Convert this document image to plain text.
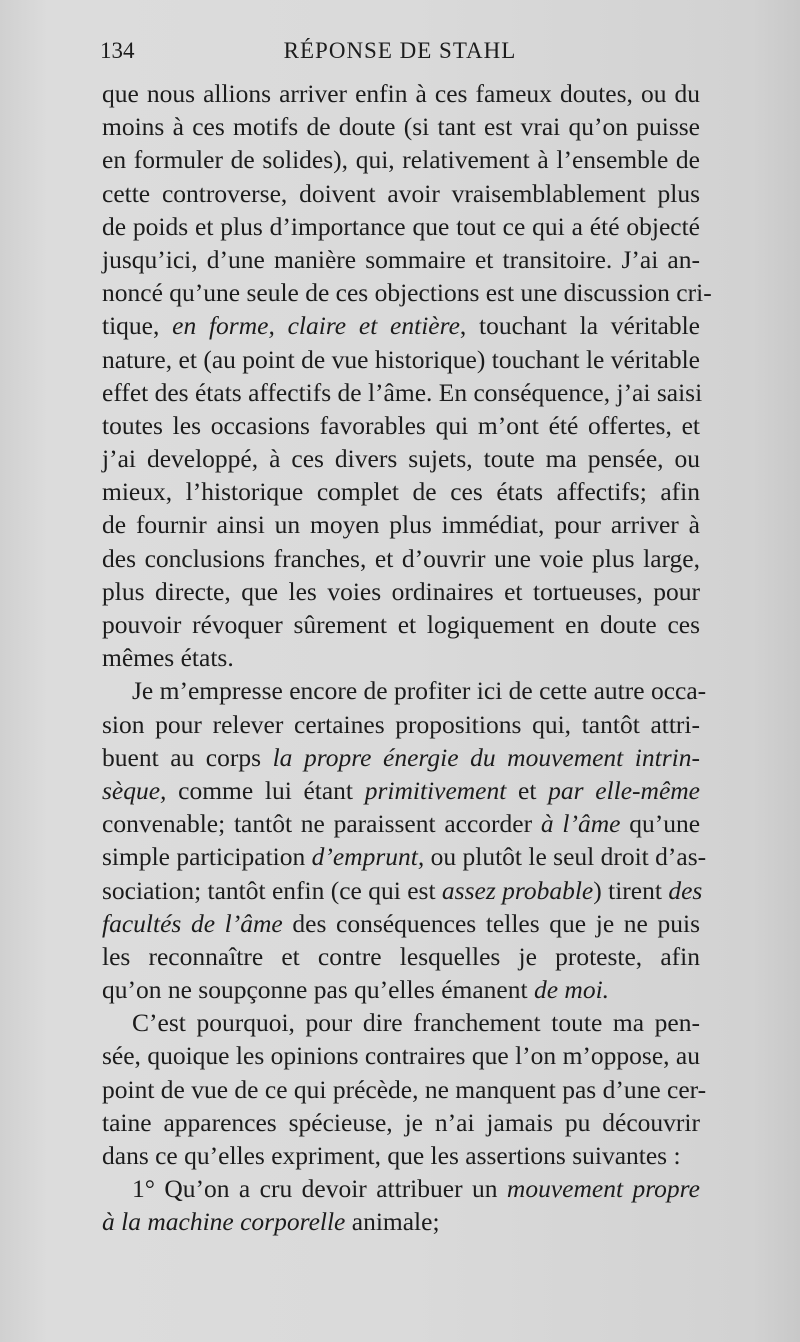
134	RÉPONSE DE STAHL
que nous allions arriver enfin à ces fameux doutes, ou du
moins à ces motifs de doute (si tant est vrai qu’on puisse
en formuler de solides), qui, relativement à l’ensemble de
cette controverse, doivent avoir vraisemblablement plus
de poids et plus d’importance que tout ce qui a été objecté
jusqu’ici, d’une manière sommaire et transitoire. J’ai an-
noncé qu’une seule de ces objections est une discussion cri-
tique, en forme, claire et entière, touchant la véritable
nature, et (au point de vue historique) touchant le véritable
effet des états affectifs de l’âme. En conséquence, j’ai saisi
toutes les occasions favorables qui m’ont été offertes, et
j’ai developpé, à ces divers sujets, toute ma pensée, ou
mieux, l’historique complet de ces états affectifs; afin
de fournir ainsi un moyen plus immédiat, pour arriver à
des conclusions franches, et d’ouvrir une voie plus large,
plus directe, que les voies ordinaires et tortueuses, pour
pouvoir révoquer sûrement et logiquement en doute ces
mêmes états.
Je m’empresse encore de profiter ici de cette autre occa-
sion pour relever certaines propositions qui, tantôt attri-
buent au corps la propre énergie du mouvement intrin-
sèque, comme lui étant primitivement et par elle-même
convenable; tantôt ne paraissent accorder à l’âme qu’une
simple participation d’emprunt, ou plutôt le seul droit d’as-
sociation; tantôt enfin (ce qui est assez probable) tirent des
facultés de l’âme des conséquences telles que je ne puis
les reconnaître et contre lesquelles je proteste, afin
qu’on ne soupçonne pas qu’elles émanent de moi.
C’est pourquoi, pour dire franchement toute ma pen-
sée, quoique les opinions contraires que l’on m’oppose, au
point de vue de ce qui précède, ne manquent pas d’une cer-
taine apparences spécieuse, je n’ai jamais pu découvrir
dans ce qu’elles expriment, que les assertions suivantes :
1° Qu’on a cru devoir attribuer un mouvement propre
à la machine corporelle animale;
